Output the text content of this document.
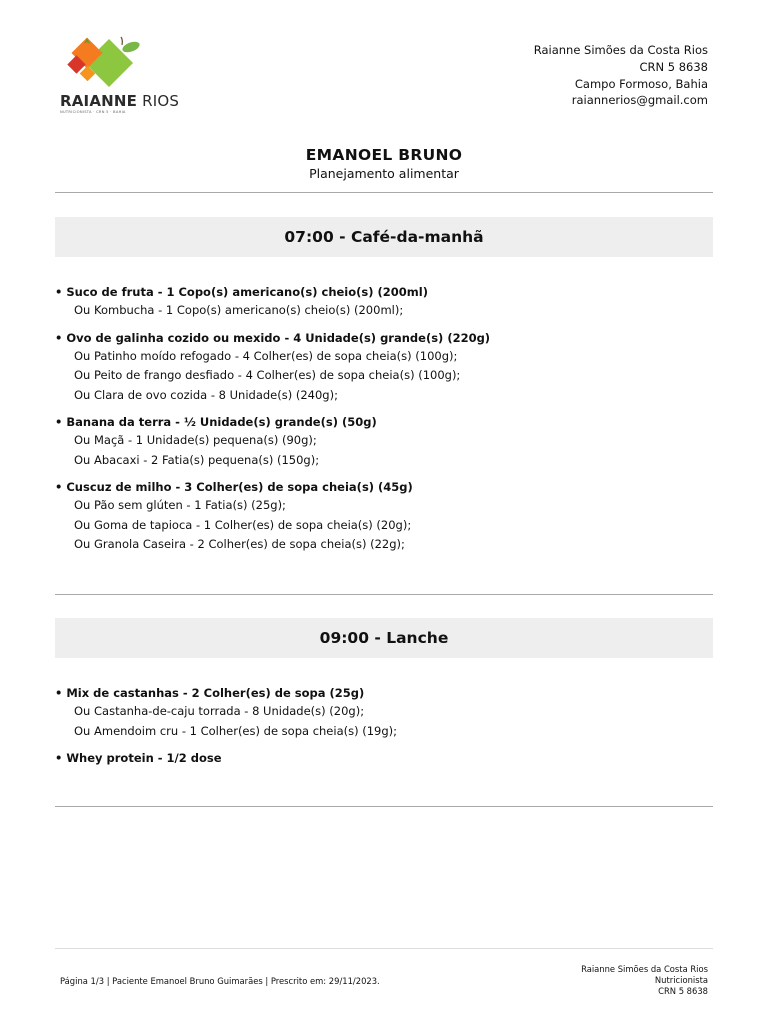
RAIANNE RIOS
NUTRICIONISTA · CRN 5 · BAHIA
Raianne Simões da Costa Rios
CRN 5 8638
Campo Formoso, Bahia
raiannerios@gmail.com
EMANOEL BRUNO
Planejamento alimentar
07:00 - Café-da-manhã
• Suco de fruta - 1 Copo(s) americano(s) cheio(s) (200ml)
Ou Kombucha - 1 Copo(s) americano(s) cheio(s) (200ml);
• Ovo de galinha cozido ou mexido - 4 Unidade(s) grande(s) (220g)
Ou Patinho moído refogado - 4 Colher(es) de sopa cheia(s) (100g);
Ou Peito de frango desfiado - 4 Colher(es) de sopa cheia(s) (100g);
Ou Clara de ovo cozida - 8 Unidade(s) (240g);
• Banana da terra - ½ Unidade(s) grande(s) (50g)
Ou Maçã - 1 Unidade(s) pequena(s) (90g);
Ou Abacaxi - 2 Fatia(s) pequena(s) (150g);
• Cuscuz de milho - 3 Colher(es) de sopa cheia(s) (45g)
Ou Pão sem glúten - 1 Fatia(s) (25g);
Ou Goma de tapioca - 1 Colher(es) de sopa cheia(s) (20g);
Ou Granola Caseira - 2 Colher(es) de sopa cheia(s) (22g);
09:00 - Lanche
• Mix de castanhas - 2 Colher(es) de sopa (25g)
Ou Castanha-de-caju torrada - 8 Unidade(s) (20g);
Ou Amendoim cru - 1 Colher(es) de sopa cheia(s) (19g);
• Whey protein - 1/2 dose
Página 1/3 | Paciente Emanoel Bruno Guimarães | Prescrito em: 29/11/2023.
Raianne Simões da Costa Rios
Nutricionista
CRN 5 8638
